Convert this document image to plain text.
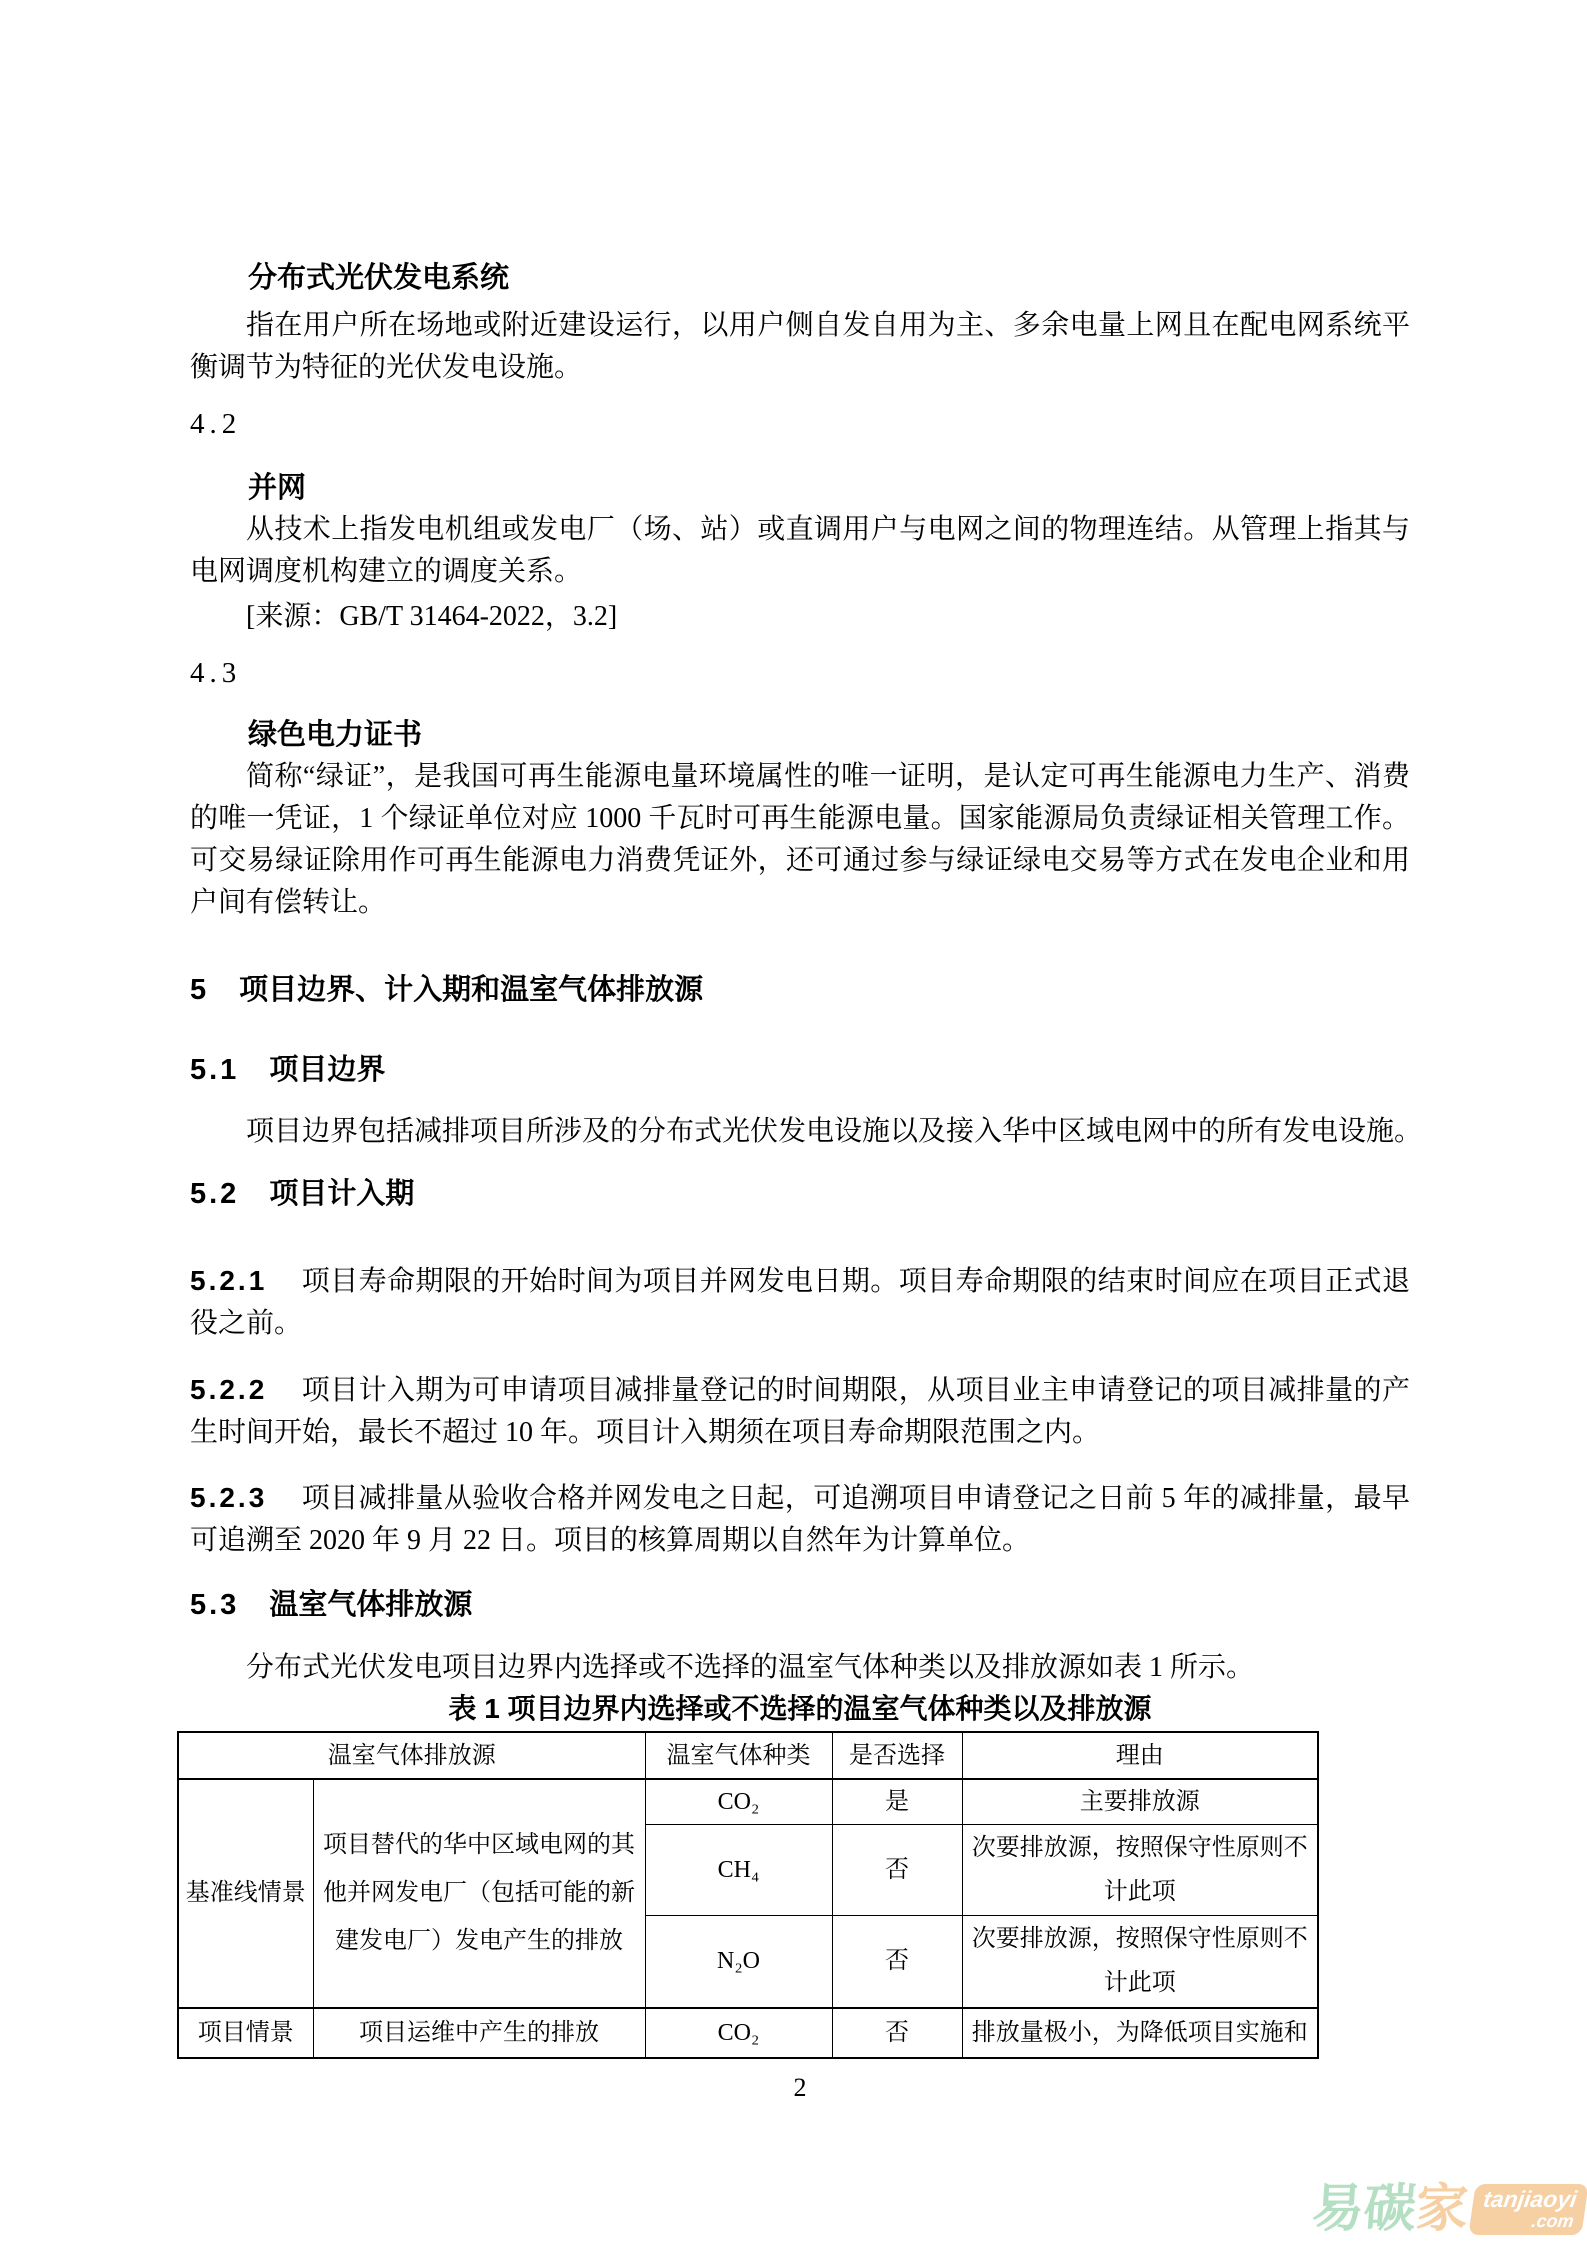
分布式光伏发电系统

指在用户所在场地或附近建设运行，以用户侧自发自用为主、多余电量上网且在配电网系统平衡调节为特征的光伏发电设施。

4.2
并网

从技术上指发电机组或发电厂（场、站）或直调用户与电网之间的物理连结。从管理上指其与电网调度机构建立的调度关系。

[来源：GB/T 31464-2022，3.2]

4.3
绿色电力证书

简称“绿证”，是我国可再生能源电量环境属性的唯一证明，是认定可再生能源电力生产、消费的唯一凭证，1 个绿证单位对应 1000 千瓦时可再生能源电量。国家能源局负责绿证相关管理工作。可交易绿证除用作可再生能源电力消费凭证外，还可通过参与绿证绿电交易等方式在发电企业和用户间有偿转让。

5 项目边界、计入期和温室气体排放源
5.1 项目边界

项目边界包括减排项目所涉及的分布式光伏发电设施以及接入华中区域电网中的所有发电设施。

5.2 项目计入期

5.2.1 项目寿命期限的开始时间为项目并网发电日期。项目寿命期限的结束时间应在项目正式退役之前。

5.2.2 项目计入期为可申请项目减排量登记的时间期限，从项目业主申请登记的项目减排量的产生时间开始，最长不超过 10 年。项目计入期须在项目寿命期限范围之内。

5.2.3 项目减排量从验收合格并网发电之日起，可追溯项目申请登记之日前 5 年的减排量，最早可追溯至 2020 年 9 月 22 日。项目的核算周期以自然年为计算单位。

5.3 温室气体排放源

分布式光伏发电项目边界内选择或不选择的温室气体种类以及排放源如表 1 所示。

表 1 项目边界内选择或不选择的温室气体种类以及排放源
温室气体排放源		温室气体种类	是否选择	理由
基准线情景	项目替代的华中区域电网的其他并网发电厂（包括可能的新建发电厂）发电产生的排放	CO₂	是	主要排放源
		CH₄	否	次要排放源，按照保守性原则不计此项
		N₂O	否	次要排放源，按照保守性原则不计此项
项目情景	项目运维中产生的排放	CO₂	否	排放量极小，为降低项目实施和
2
易碳
家 tanjiaoyi
.com
